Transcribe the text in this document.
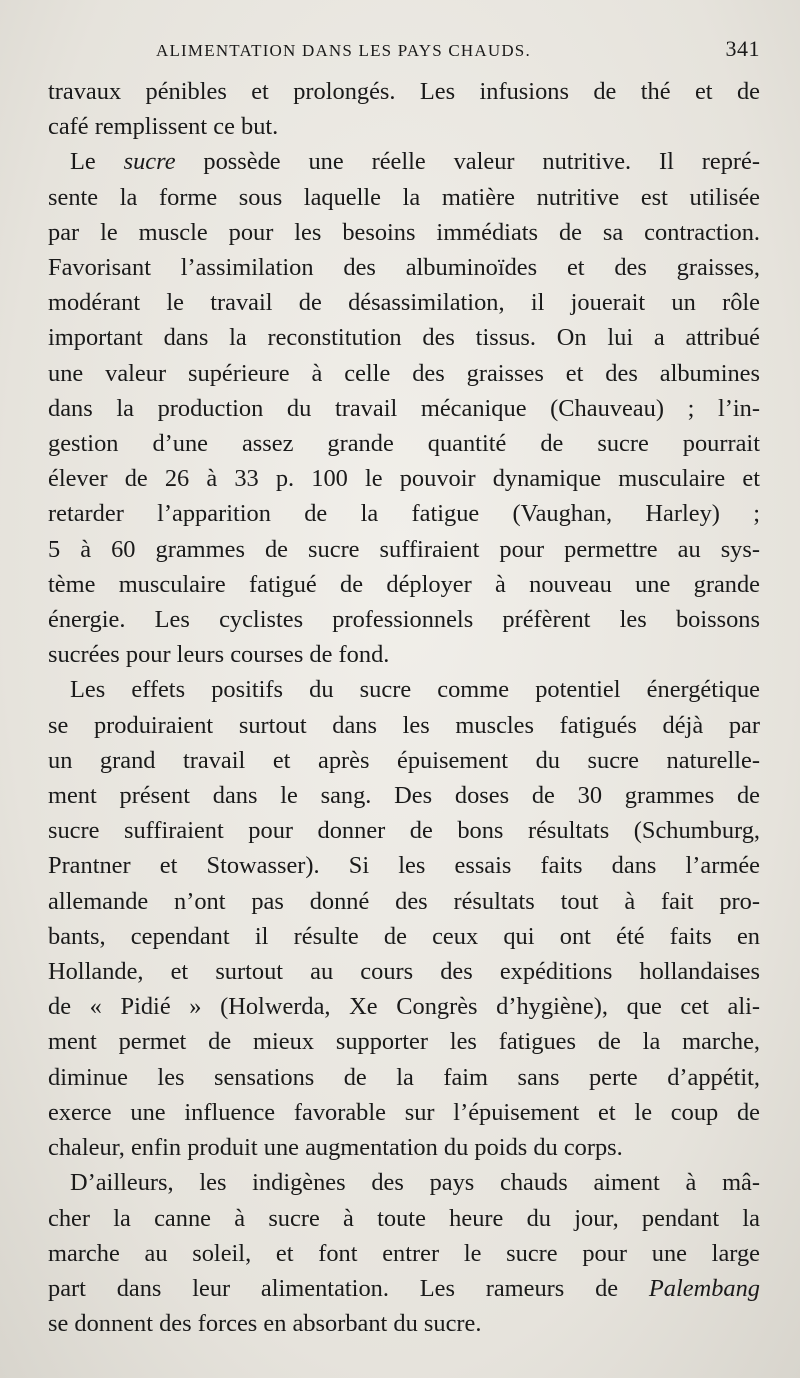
ALIMENTATION DANS LES PAYS CHAUDS.	341

travaux pénibles et prolongés. Les infusions de thé et de
café remplissent ce but.

Le sucre possède une réelle valeur nutritive. Il repré-
sente la forme sous laquelle la matière nutritive est utilisée
par le muscle pour les besoins immédiats de sa contraction.
Favorisant l’assimilation des albuminoïdes et des graisses,
modérant le travail de désassimilation, il jouerait un rôle
important dans la reconstitution des tissus. On lui a attribué
une valeur supérieure à celle des graisses et des albumines
dans la production du travail mécanique (Chauveau) ; l’in-
gestion d’une assez grande quantité de sucre pourrait
élever de 26 à 33 p. 100 le pouvoir dynamique musculaire et
retarder l’apparition de la fatigue (Vaughan, Harley) ;
5 à 60 grammes de sucre suffiraient pour permettre au sys-
tème musculaire fatigué de déployer à nouveau une grande
énergie. Les cyclistes professionnels préfèrent les boissons
sucrées pour leurs courses de fond.

Les effets positifs du sucre comme potentiel énergétique
se produiraient surtout dans les muscles fatigués déjà par
un grand travail et après épuisement du sucre naturelle-
ment présent dans le sang. Des doses de 30 grammes de
sucre suffiraient pour donner de bons résultats (Schumburg,
Prantner et Stowasser). Si les essais faits dans l’armée
allemande n’ont pas donné des résultats tout à fait pro-
bants, cependant il résulte de ceux qui ont été faits en
Hollande, et surtout au cours des expéditions hollandaises
de « Pidié » (Holwerda, Xe Congrès d’hygiène), que cet ali-
ment permet de mieux supporter les fatigues de la marche,
diminue les sensations de la faim sans perte d’appétit,
exerce une influence favorable sur l’épuisement et le coup de
chaleur, enfin produit une augmentation du poids du corps.

D’ailleurs, les indigènes des pays chauds aiment à mâ-
cher la canne à sucre à toute heure du jour, pendant la
marche au soleil, et font entrer le sucre pour une large
part dans leur alimentation. Les rameurs de Palembang
se donnent des forces en absorbant du sucre.
